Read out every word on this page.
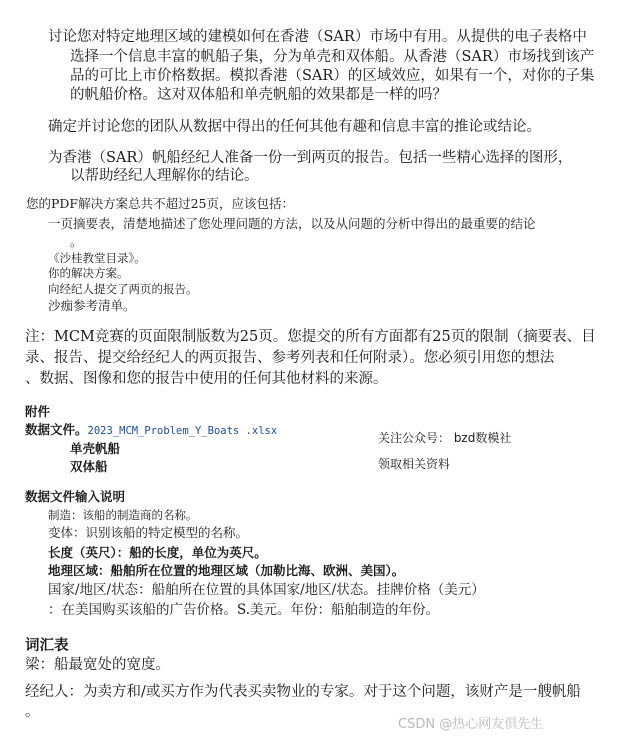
讨论您对特定地理区域的建模如何在香港（SAR）市场中有用。从提供的电子表格中
选择一个信息丰富的帆船子集，分为单壳和双体船。从香港（SAR）市场找到该产
品的可比上市价格数据。模拟香港（SAR）的区域效应，如果有一个，对你的子集
的帆船价格。这对双体船和单壳帆船的效果都是一样的吗？
确定并讨论您的团队从数据中得出的任何其他有趣和信息丰富的推论或结论。
为香港（SAR）帆船经纪人准备一份一到两页的报告。包括一些精心选择的图形，
以帮助经纪人理解你的结论。
您的PDF解决方案总共不超过25页，应该包括：
一页摘要表，清楚地描述了您处理问题的方法，以及从问题的分析中得出的最重要的结论
。
《沙桂教堂目录》。
你的解决方案。
向经纪人提交了两页的报告。
沙痂参考清单。
注：MCM竞赛的页面限制版数为25页。您提交的所有方面都有25页的限制（摘要表、目
录、报告、提交给经纪人的两页报告、参考列表和任何附录）。您必须引用您的想法
、数据、图像和您的报告中使用的任何其他材料的来源。
附件
数据文件。2023_MCM_Problem_Y_Boats .xlsx
单壳帆船
双体船
关注公众号： bzd数模社
领取相关资料
数据文件输入说明
制造：该船的制造商的名称。
变体：识别该船的特定模型的名称。
长度（英尺）：船的长度，单位为英尺。
地理区域：船舶所在位置的地理区域（加勒比海、欧洲、美国）。
国家/地区/状态：船舶所在位置的具体国家/地区/状态。挂牌价格（美元）
：在美国购买该船的广告价格。S.美元。年份：船舶制造的年份。
词汇表
梁：船最宽处的宽度。
经纪人：为卖方和/或买方作为代表买卖物业的专家。对于这个问题，该财产是一艘帆船
。
CSDN @热心网友倶先生
